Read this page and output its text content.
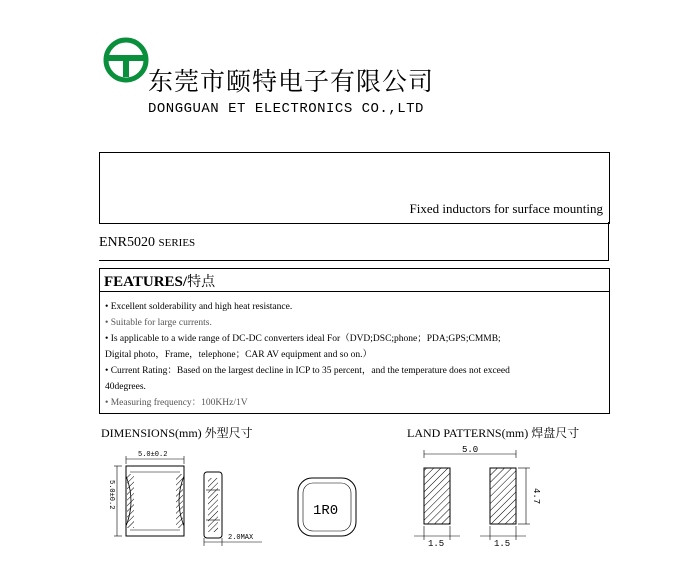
东莞市颐特电子有限公司
DONGGUAN ET ELECTRONICS CO.,LTD
Fixed inductors for surface mounting
ENR5020 SERIES
FEATURES/特点
• Excellent solderability and high heat resistance.
• Suitable for large currents.
• Is applicable to a wide range of DC-DC converters ideal For（DVD;DSC;phone；PDA;GPS;CMMB;
Digital photo，Frame，telephone；CAR AV equipment and so on.）
• Current Rating：Based on the largest decline in ICP to 35 percent，and the temperature does not exceed
40degrees.
• Measuring frequency：100KHz/1V
DIMENSIONS(mm) 外型尺寸	LAND PATTERNS(mm) 焊盘尺寸
5.0±0.2
5.0±0.2
2.0MAX
1R0
5.0
4.7
1.5	1.5
